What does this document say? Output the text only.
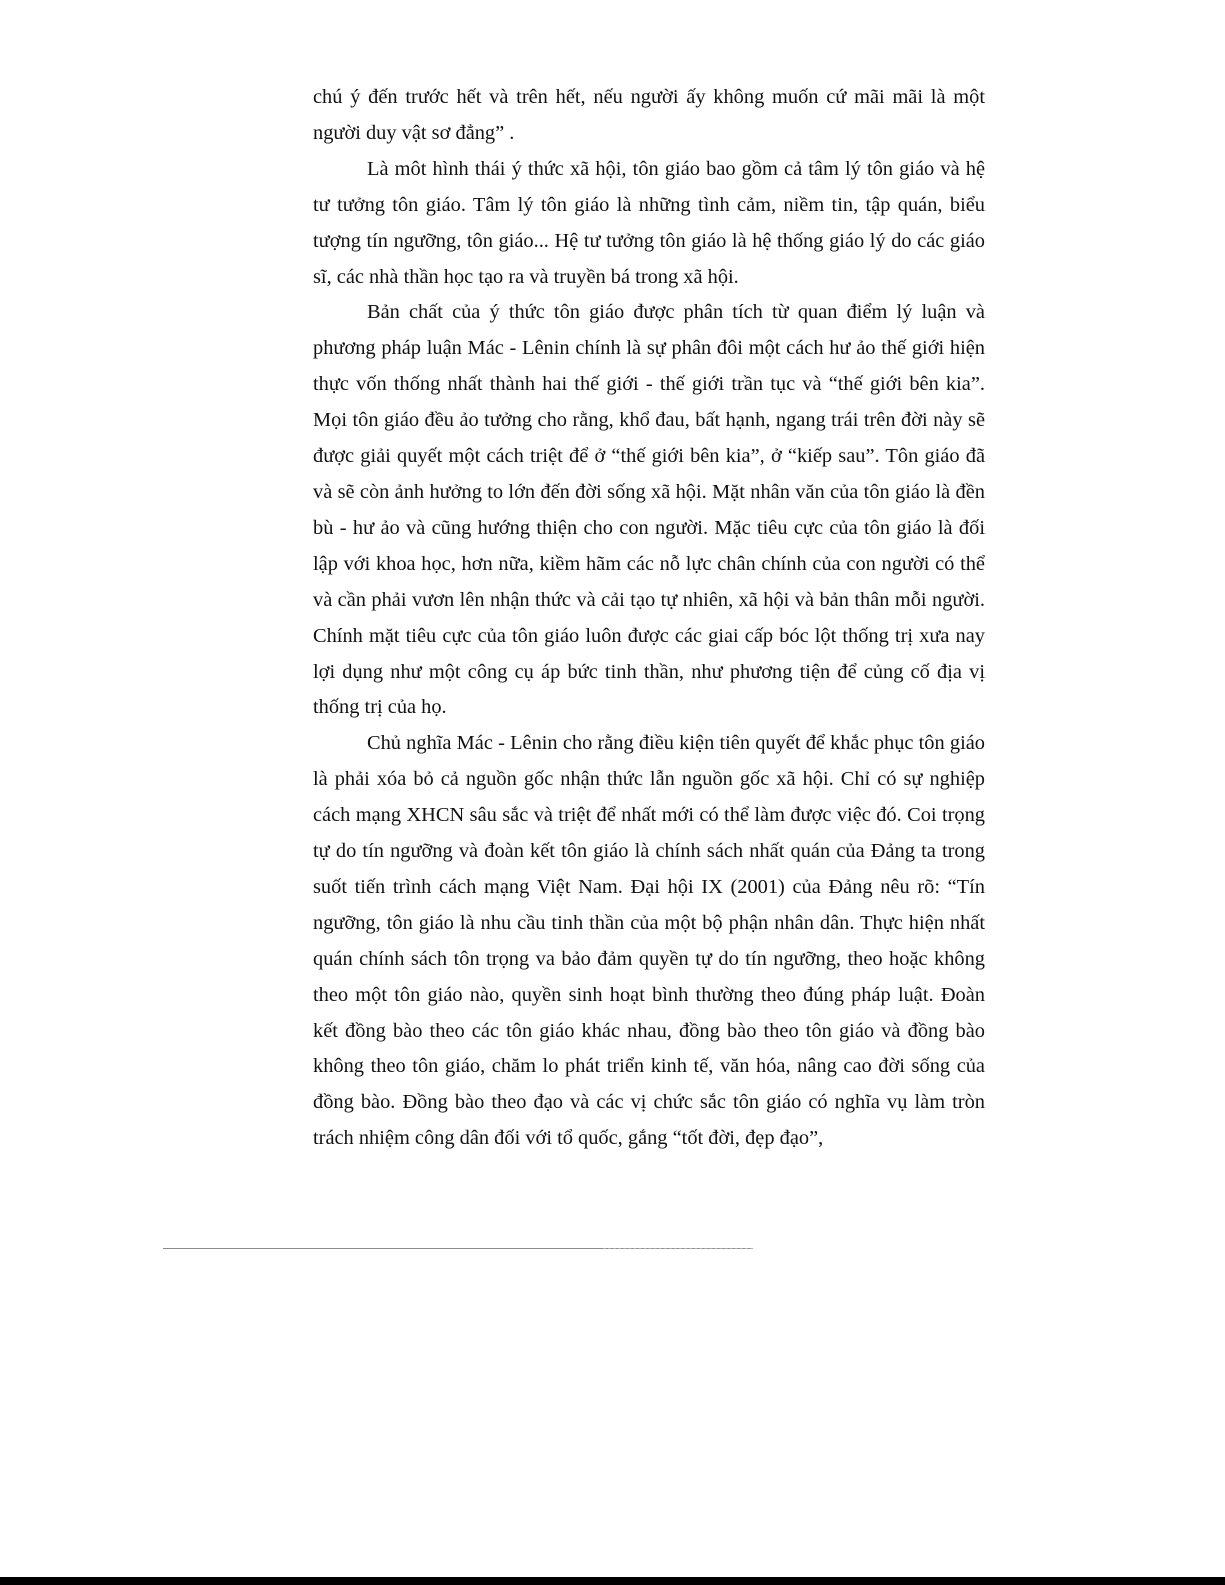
chú ý đến trước hết và trên hết, nếu người ấy không muốn cứ mãi mãi là một người duy vật sơ đẳng” .

Là môt hình thái ý thức xã hội, tôn giáo bao gồm cả tâm lý tôn giáo và hệ tư tưởng tôn giáo. Tâm lý tôn giáo là những tình cảm, niềm tin, tập quán, biểu tượng tín ngưỡng, tôn giáo... Hệ tư tưởng tôn giáo là hệ thống giáo lý do các giáo sĩ, các nhà thần học tạo ra và truyền bá trong xã hội.

Bản chất của ý thức tôn giáo được phân tích từ quan điểm lý luận và phương pháp luận Mác - Lênin chính là sự phân đôi một cách hư ảo thế giới hiện thực vốn thống nhất thành hai thế giới - thế giới trần tục và “thế giới bên kia”. Mọi tôn giáo đều ảo tưởng cho rằng, khổ đau, bất hạnh, ngang trái trên đời này sẽ được giải quyết một cách triệt để ở “thế giới bên kia”, ở “kiếp sau”. Tôn giáo đã và sẽ còn ảnh hưởng to lớn đến đời sống xã hội. Mặt nhân văn của tôn giáo là đền bù - hư ảo và cũng hướng thiện cho con người. Mặc tiêu cực của tôn giáo là đối lập với khoa học, hơn nữa, kiềm hãm các nỗ lực chân chính của con người có thể và cần phải vươn lên nhận thức và cải tạo tự nhiên, xã hội và bản thân mỗi người. Chính mặt tiêu cực của tôn giáo luôn được các giai cấp bóc lột thống trị xưa nay lợi dụng như một công cụ áp bức tinh thần, như phương tiện để củng cố địa vị thống trị của họ.

Chủ nghĩa Mác - Lênin cho rằng điều kiện tiên quyết để khắc phục tôn giáo là phải xóa bỏ cả nguồn gốc nhận thức lẫn nguồn gốc xã hội. Chỉ có sự nghiệp cách mạng XHCN sâu sắc và triệt để nhất mới có thể làm được việc đó. Coi trọng tự do tín ngưỡng và đoàn kết tôn giáo là chính sách nhất quán của Đảng ta trong suốt tiến trình cách mạng Việt Nam. Đại hội IX (2001) của Đảng nêu rõ: “Tín ngưỡng, tôn giáo là nhu cầu tinh thần của một bộ phận nhân dân. Thực hiện nhất quán chính sách tôn trọng va bảo đảm quyền tự do tín ngưỡng, theo hoặc không theo một tôn giáo nào, quyền sinh hoạt bình thường theo đúng pháp luật. Đoàn kết đồng bào theo các tôn giáo khác nhau, đồng bào theo tôn giáo và đồng bào không theo tôn giáo, chăm lo phát triển kinh tế, văn hóa, nâng cao đời sống của đồng bào. Đồng bào theo đạo và các vị chức sắc tôn giáo có nghĩa vụ làm tròn trách nhiệm công dân đối với tổ quốc, gắng “tốt đời, đẹp đạo”,
